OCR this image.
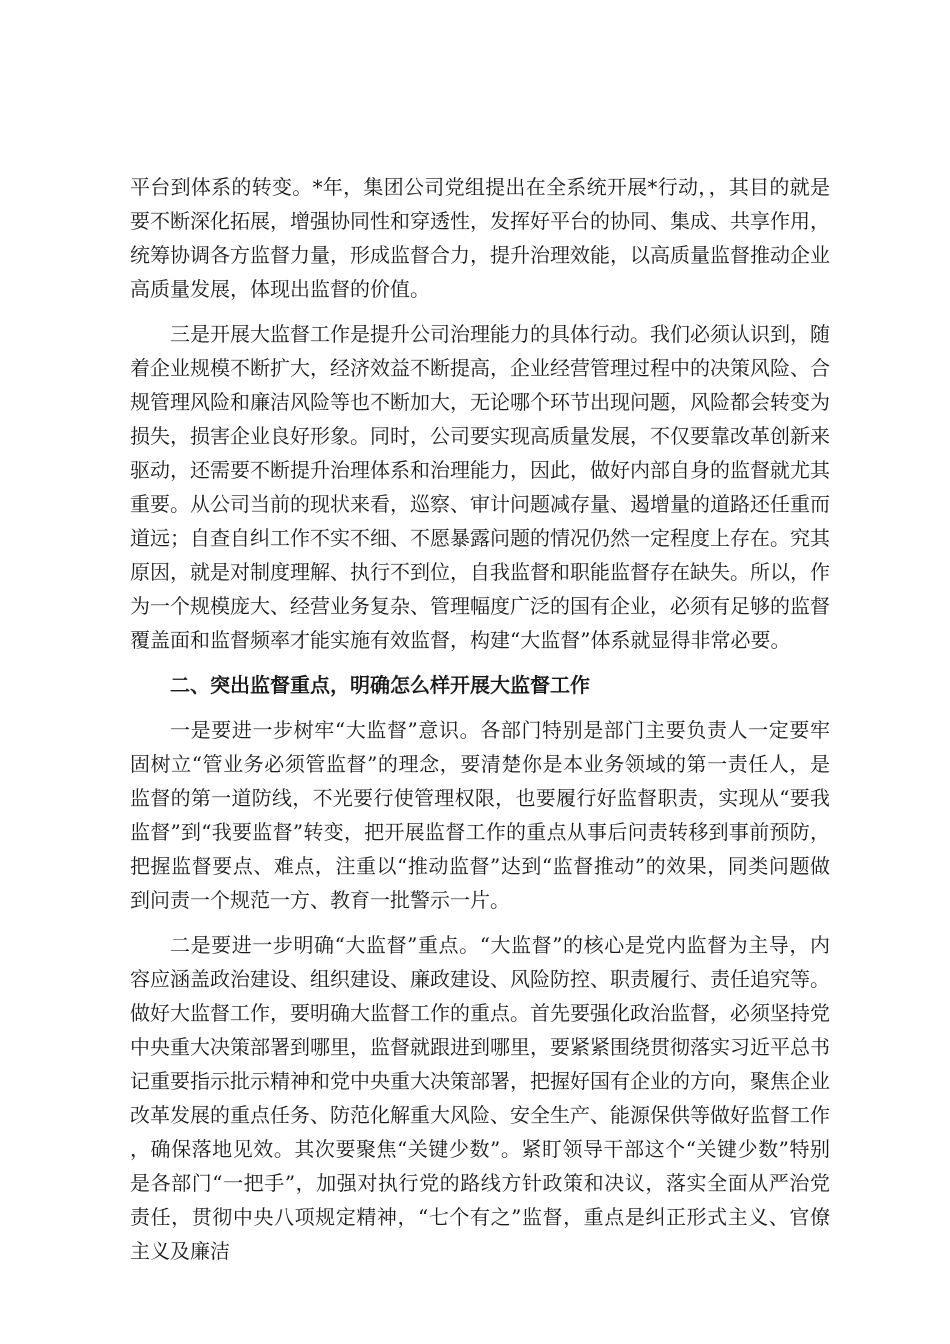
平台到体系的转变。*年，集团公司党组提出在全系统开展*行动，，其目的就是要不断深化拓展，增强协同性和穿透性，发挥好平台的协同、集成、共享作用，统筹协调各方监督力量，形成监督合力，提升治理效能，以高质量监督推动企业高质量发展，体现出监督的价值。

三是开展大监督工作是提升公司治理能力的具体行动。我们必须认识到，随着企业规模不断扩大，经济效益不断提高，企业经营管理过程中的决策风险、合规管理风险和廉洁风险等也不断加大，无论哪个环节出现问题，风险都会转变为损失，损害企业良好形象。同时，公司要实现高质量发展，不仅要靠改革创新来驱动，还需要不断提升治理体系和治理能力，因此，做好内部自身的监督就尤其重要。从公司当前的现状来看，巡察、审计问题减存量、遏增量的道路还任重而道远；自查自纠工作不实不细、不愿暴露问题的情况仍然一定程度上存在。究其原因，就是对制度理解、执行不到位，自我监督和职能监督存在缺失。所以，作为一个规模庞大、经营业务复杂、管理幅度广泛的国有企业，必须有足够的监督覆盖面和监督频率才能实施有效监督，构建“大监督”体系就显得非常必要。

二、突出监督重点，明确怎么样开展大监督工作

一是要进一步树牢“大监督”意识。各部门特别是部门主要负责人一定要牢固树立“管业务必须管监督”的理念，要清楚你是本业务领域的第一责任人，是监督的第一道防线，不光要行使管理权限，也要履行好监督职责，实现从“要我监督”到“我要监督”转变，把开展监督工作的重点从事后问责转移到事前预防，把握监督要点、难点，注重以“推动监督”达到“监督推动”的效果，同类问题做到问责一个规范一方、教育一批警示一片。

二是要进一步明确“大监督”重点。“大监督”的核心是党内监督为主导，内容应涵盖政治建设、组织建设、廉政建设、风险防控、职责履行、责任追究等。做好大监督工作，要明确大监督工作的重点。首先要强化政治监督，必须坚持党中央重大决策部署到哪里，监督就跟进到哪里，要紧紧围绕贯彻落实习近平总书记重要指示批示精神和党中央重大决策部署，把握好国有企业的方向，聚焦企业改革发展的重点任务、防范化解重大风险、安全生产、能源保供等做好监督工作，确保落地见效。其次要聚焦“关键少数”。紧盯领导干部这个“关键少数”特别是各部门“一把手”，加强对执行党的路线方针政策和决议，落实全面从严治党责任，贯彻中央八项规定精神，“七个有之”监督，重点是纠正形式主义、官僚主义及廉洁
